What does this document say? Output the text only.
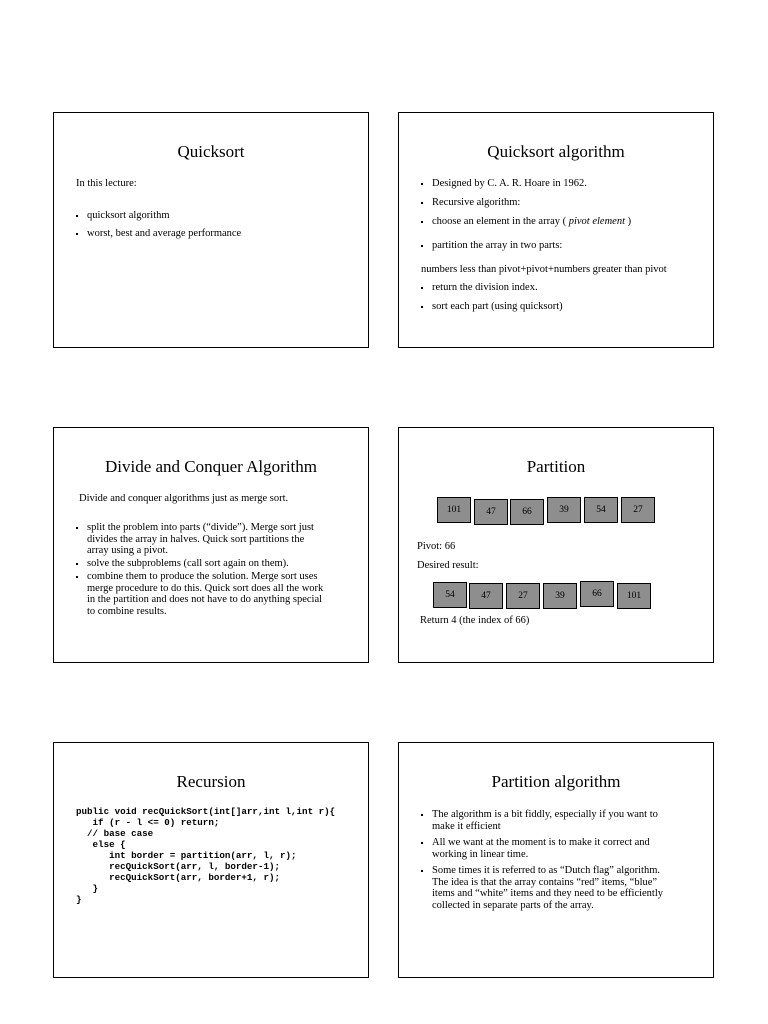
Quicksort
In this lecture:
quicksort algorithm
worst, best and average performance
Quicksort algorithm
Designed by C. A. R. Hoare in 1962.
Recursive algorithm:
choose an element in the array ( pivot element )
partition the array in two parts:
numbers less than pivot+pivot+numbers greater than pivot
return the division index.
sort each part (using quicksort)
Divide and Conquer Algorithm
Divide and conquer algorithms just as merge sort.
split the problem into parts (“divide”). Merge sort just
divides the array in halves. Quick sort partitions the
array using a pivot.
solve the subproblems (call sort again on them).
combine them to produce the solution. Merge sort uses
merge procedure to do this. Quick sort does all the work
in the partition and does not have to do anything special
to combine results.
Partition
101	47	66	39	54	27
Pivot: 66
Desired result:
54	47	27	39	66	101
Return 4 (the index of 66)
Recursion
public void recQuickSort(int[]arr,int l,int r){
if (r - l <= 0) return;
// base case
else {
int border = partition(arr, l, r);
recQuickSort(arr, l, border-1);
recQuickSort(arr, border+1, r);
}
}
Partition algorithm
The algorithm is a bit fiddly, especially if you want to
make it efficient
All we want at the moment is to make it correct and
working in linear time.
Some times it is referred to as “Dutch flag” algorithm.
The idea is that the array contains “red” items, “blue”
items and “white” items and they need to be efficiently
collected in separate parts of the array.
